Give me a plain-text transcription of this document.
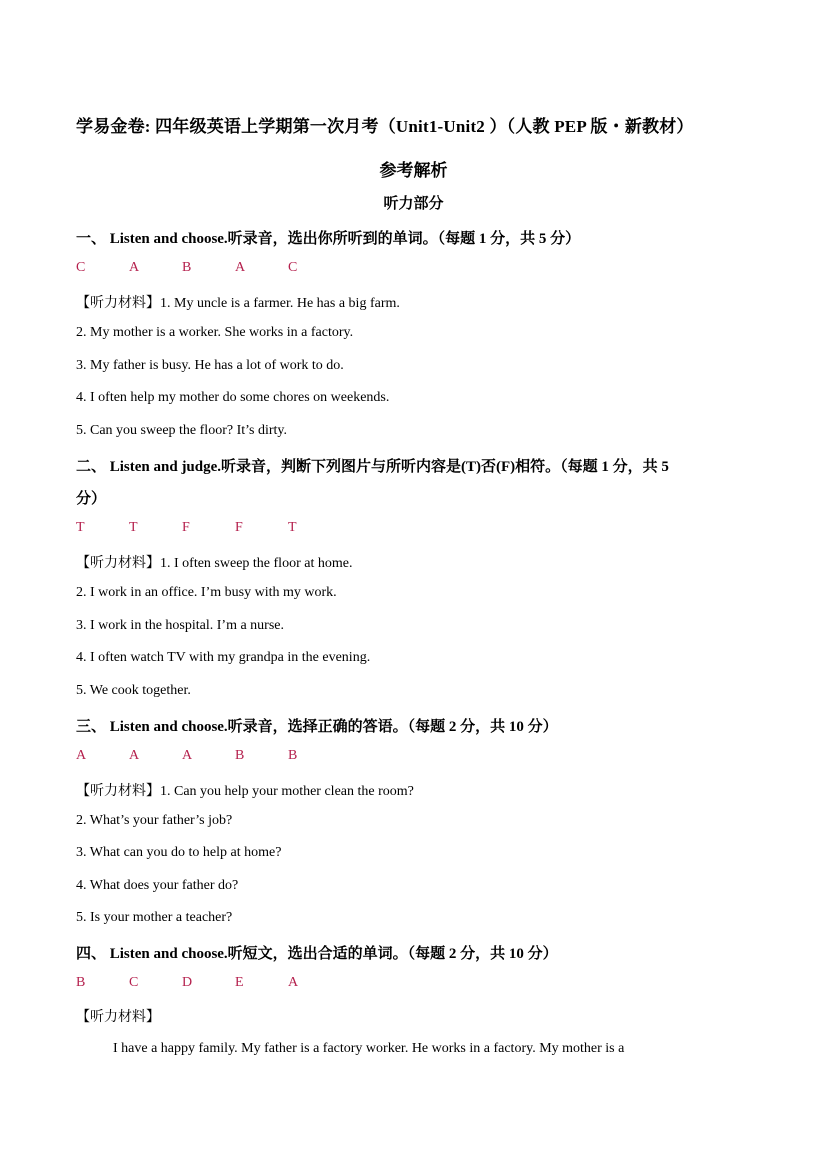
学易金卷: 四年级英语上学期第一次月考（Unit1-Unit2 ）（人教 PEP 版・新教材）
参考解析
听力部分
一、 Listen and choose.听录音，选出你所听到的单词。（每题 1 分，共 5 分）
C	A	B	A	C
【听力材料】1. My uncle is a farmer. He has a big farm.
2. My mother is a worker. She works in a factory.
3. My father is busy. He has a lot of work to do.
4. I often help my mother do some chores on weekends.
5. Can you sweep the floor? It’s dirty.
二、 Listen and judge.听录音，判断下列图片与所听内容是(T)否(F)相符。（每题 1 分，共 5
分）
T	T	F	F	T
【听力材料】1. I often sweep the floor at home.
2. I work in an office. I’m busy with my work.
3. I work in the hospital. I’m a nurse.
4. I often watch TV with my grandpa in the evening.
5. We cook together.
三、 Listen and choose.听录音，选择正确的答语。（每题 2 分，共 10 分）
A	A	A	B	B
【听力材料】1. Can you help your mother clean the room?
2. What’s your father’s job?
3. What can you do to help at home?
4. What does your father do?
5. Is your mother a teacher?
四、 Listen and choose.听短文，选出合适的单词。（每题 2 分，共 10 分）
B	C	D	E	A
【听力材料】
I have a happy family. My father is a factory worker. He works in a factory. My mother is a
